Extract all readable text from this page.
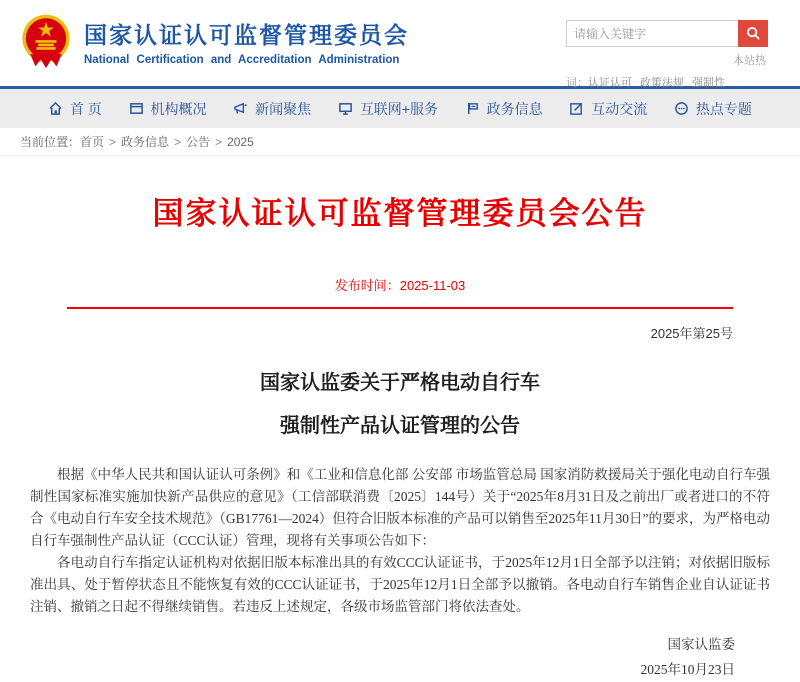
国家认证认可监督管理委员会
National Certification and Accreditation Administration
请输入关键字	本站热
词：认证认可 政策法规 强制性
首 页	机构概况	新闻聚焦	互联网+服务	政务信息	互动交流	热点专题
当前位置：首页 > 政务信息 > 公告 > 2025
国家认证认可监督管理委员会公告
发布时间：2025-11-03
2025年第25号
国家认监委关于严格电动自行车
强制性产品认证管理的公告

根据《中华人民共和国认证认可条例》和《工业和信息化部 公安部 市场监管总局 国家消防救援局关于强化电动自行车强制性国家标准实施加快新产品供应的意见》（工信部联消费〔2025〕144号）关于“2025年8月31日及之前出厂或者进口的不符合《电动自行车安全技术规范》（GB17761—2024）但符合旧版本标准的产品可以销售至2025年11月30日”的要求，为严格电动自行车强制性产品认证（CCC认证）管理，现将有关事项公告如下：

各电动自行车指定认证机构对依据旧版本标准出具的有效CCC认证证书，于2025年12月1日全部予以注销；对依据旧版标准出具、处于暂停状态且不能恢复有效的CCC认证证书，于2025年12月1日全部予以撤销。各电动自行车销售企业自认证证书注销、撤销之日起不得继续销售。若违反上述规定，各级市场监管部门将依法查处。

国家认监委
2025年10月23日
